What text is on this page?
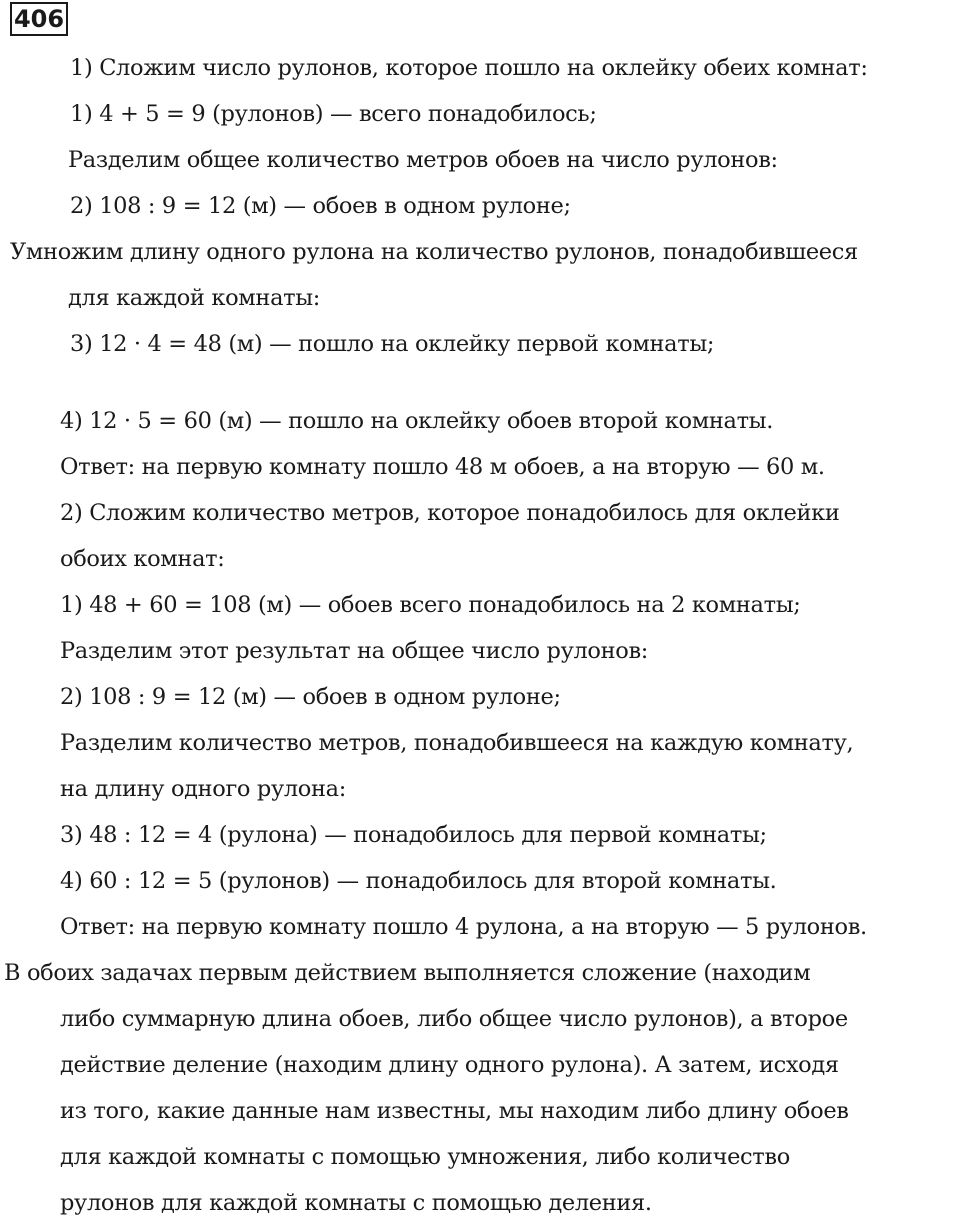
406
1) Сложим число рулонов, которое пошло на оклейку обеих комнат:
1) 4 + 5 = 9 (рулонов) — всего понадобилось;
Разделим общее количество метров обоев на число рулонов:
2) 108 : 9 = 12 (м) — обоев в одном рулоне;
Умножим длину одного рулона на количество рулонов, понадобившееся
для каждой комнаты:
3) 12 · 4 = 48 (м) — пошло на оклейку первой комнаты;
4) 12 · 5 = 60 (м) — пошло на оклейку обоев второй комнаты.
Ответ: на первую комнату пошло 48 м обоев, а на вторую — 60 м.
2) Сложим количество метров, которое понадобилось для оклейки
обоих комнат:
1) 48 + 60 = 108 (м) — обоев всего понадобилось на 2 комнаты;
Разделим этот результат на общее число рулонов:
2) 108 : 9 = 12 (м) — обоев в одном рулоне;
Разделим количество метров, понадобившееся на каждую комнату,
на длину одного рулона:
3) 48 : 12 = 4 (рулона) — понадобилось для первой комнаты;
4) 60 : 12 = 5 (рулонов) — понадобилось для второй комнаты.
Ответ: на первую комнату пошло 4 рулона, а на вторую — 5 рулонов.
В обоих задачах первым действием выполняется сложение (находим
либо суммарную длина обоев, либо общее число рулонов), а второе
действие деление (находим длину одного рулона). А затем, исходя
из того, какие данные нам известны, мы находим либо длину обоев
для каждой комнаты с помощью умножения, либо количество
рулонов для каждой комнаты с помощью деления.
